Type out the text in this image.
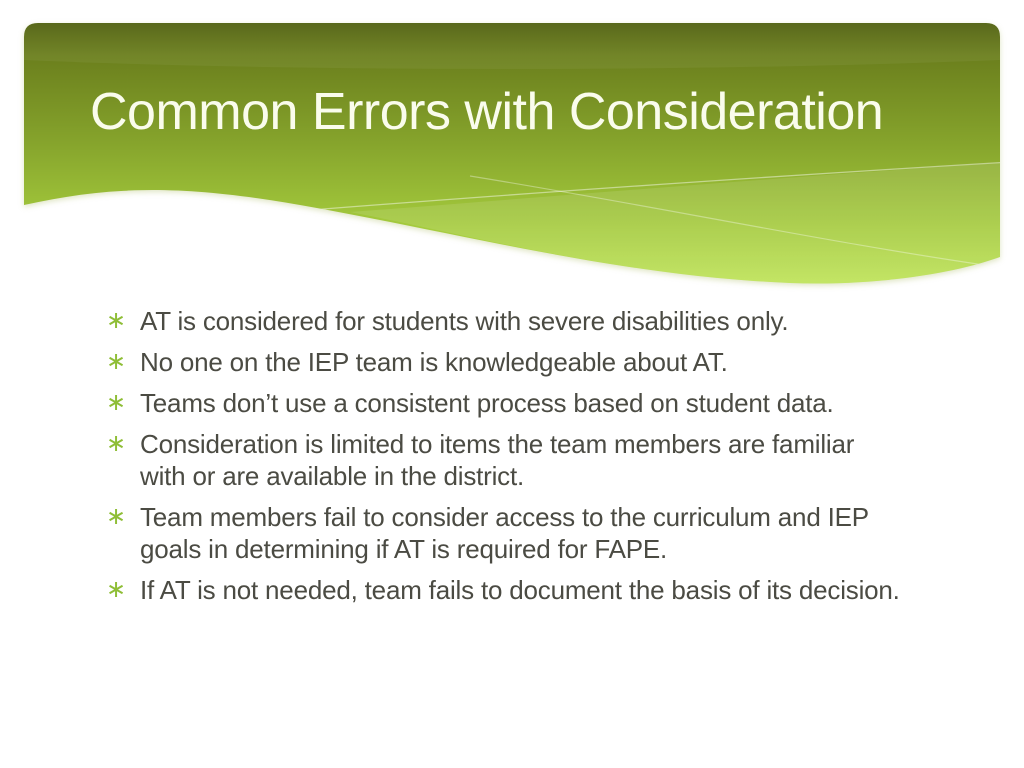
Common Errors with Consideration
∗ AT is considered for students with severe disabilities only.
∗ No one on the IEP team is knowledgeable about AT.
∗ Teams don’t use a consistent process based on student data.
∗ Consideration is limited to items the team members are familiar with or are available in the district.
∗ Team members fail to consider access to the curriculum and IEP goals in determining if AT is required for FAPE.
∗ If AT is not needed, team fails to document the basis of its decision.
